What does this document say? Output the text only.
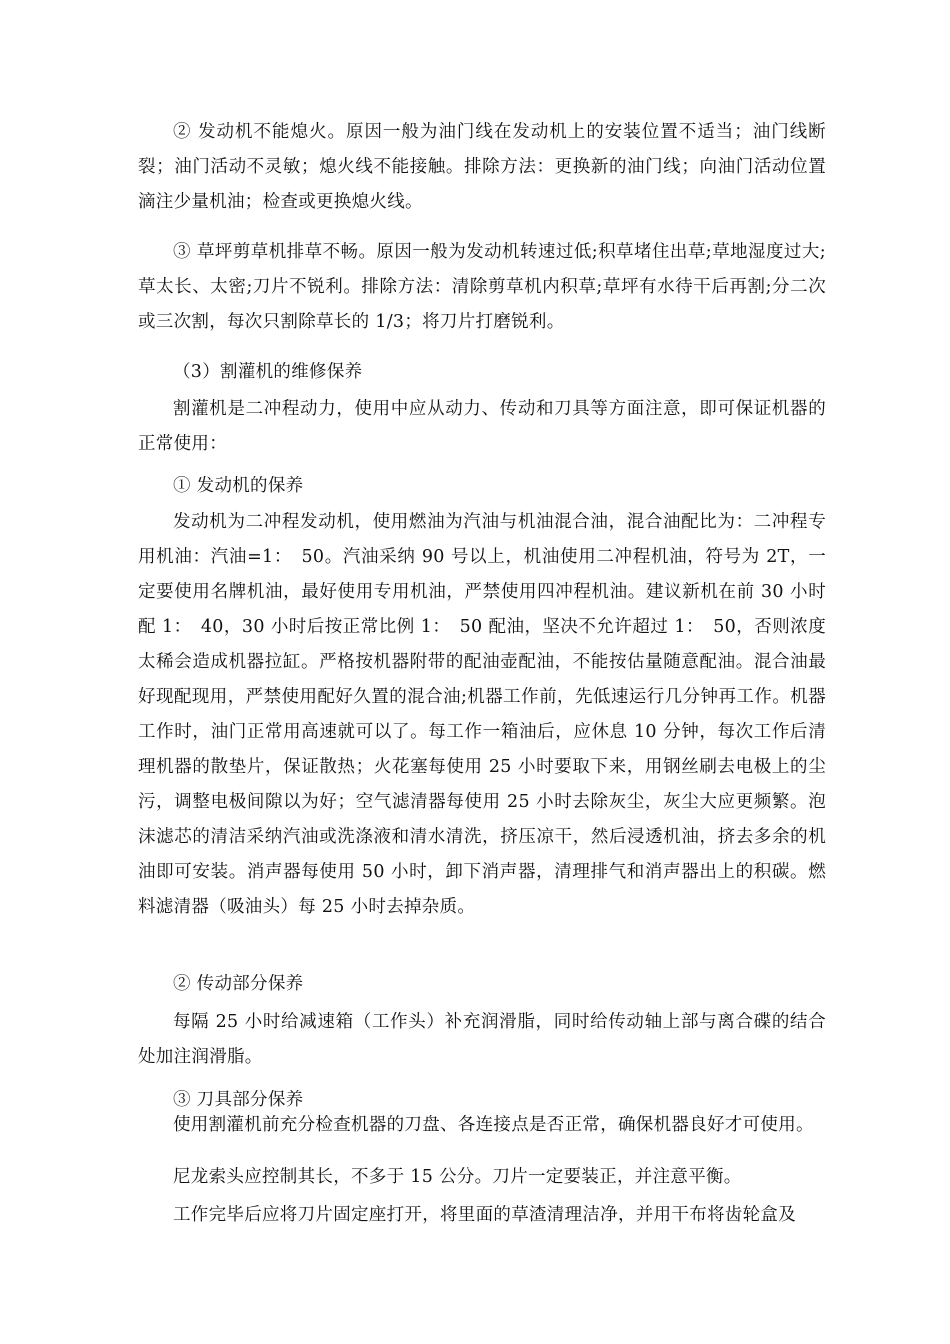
② 发动机不能熄火。原因一般为油门线在发动机上的安装位置不适当；油门线断裂；油门活动不灵敏；熄火线不能接触。排除方法：更换新的油门线；向油门活动位置滴注少量机油；检查或更换熄火线。

③ 草坪剪草机排草不畅。原因一般为发动机转速过低;积草堵住出草;草地湿度过大;草太长、太密;刀片不锐利。排除方法：清除剪草机内积草;草坪有水待干后再割;分二次或三次割，每次只割除草长的 1/3；将刀片打磨锐利。

（3）割灌机的维修保养

割灌机是二冲程动力，使用中应从动力、传动和刀具等方面注意，即可保证机器的正常使用：

① 发动机的保养

发动机为二冲程发动机，使用燃油为汽油与机油混合油，混合油配比为：二冲程专用机油：汽油=1：　50。汽油采纳 90 号以上，机油使用二冲程机油，符号为 2T，一定要使用名牌机油，最好使用专用机油，严禁使用四冲程机油。建议新机在前 30 小时配 1：　40，30 小时后按正常比例 1：　50 配油，坚决不允许超过 1：　50，否则浓度太稀会造成机器拉缸。严格按机器附带的配油壶配油，不能按估量随意配油。混合油最好现配现用，严禁使用配好久置的混合油;机器工作前，先低速运行几分钟再工作。机器工作时，油门正常用高速就可以了。每工作一箱油后，应休息 10 分钟，每次工作后清理机器的散垫片，保证散热；火花塞每使用 25 小时要取下来，用钢丝刷去电极上的尘污，调整电极间隙以为好；空气滤清器每使用 25 小时去除灰尘，灰尘大应更频繁。泡沫滤芯的清洁采纳汽油或洗涤液和清水清洗，挤压凉干，然后浸透机油，挤去多余的机油即可安装。消声器每使用 50 小时，卸下消声器，清理排气和消声器出上的积碳。燃料滤清器（吸油头）每 25 小时去掉杂质。

② 传动部分保养

每隔 25 小时给减速箱（工作头）补充润滑脂，同时给传动轴上部与离合碟的结合处加注润滑脂。

③ 刀具部分保养

使用割灌机前充分检查机器的刀盘、各连接点是否正常，确保机器良好才可使用。

尼龙索头应控制其长，不多于 15 公分。刀片一定要装正，并注意平衡。

工作完毕后应将刀片固定座打开，将里面的草渣清理洁净，并用干布将齿轮盒及
